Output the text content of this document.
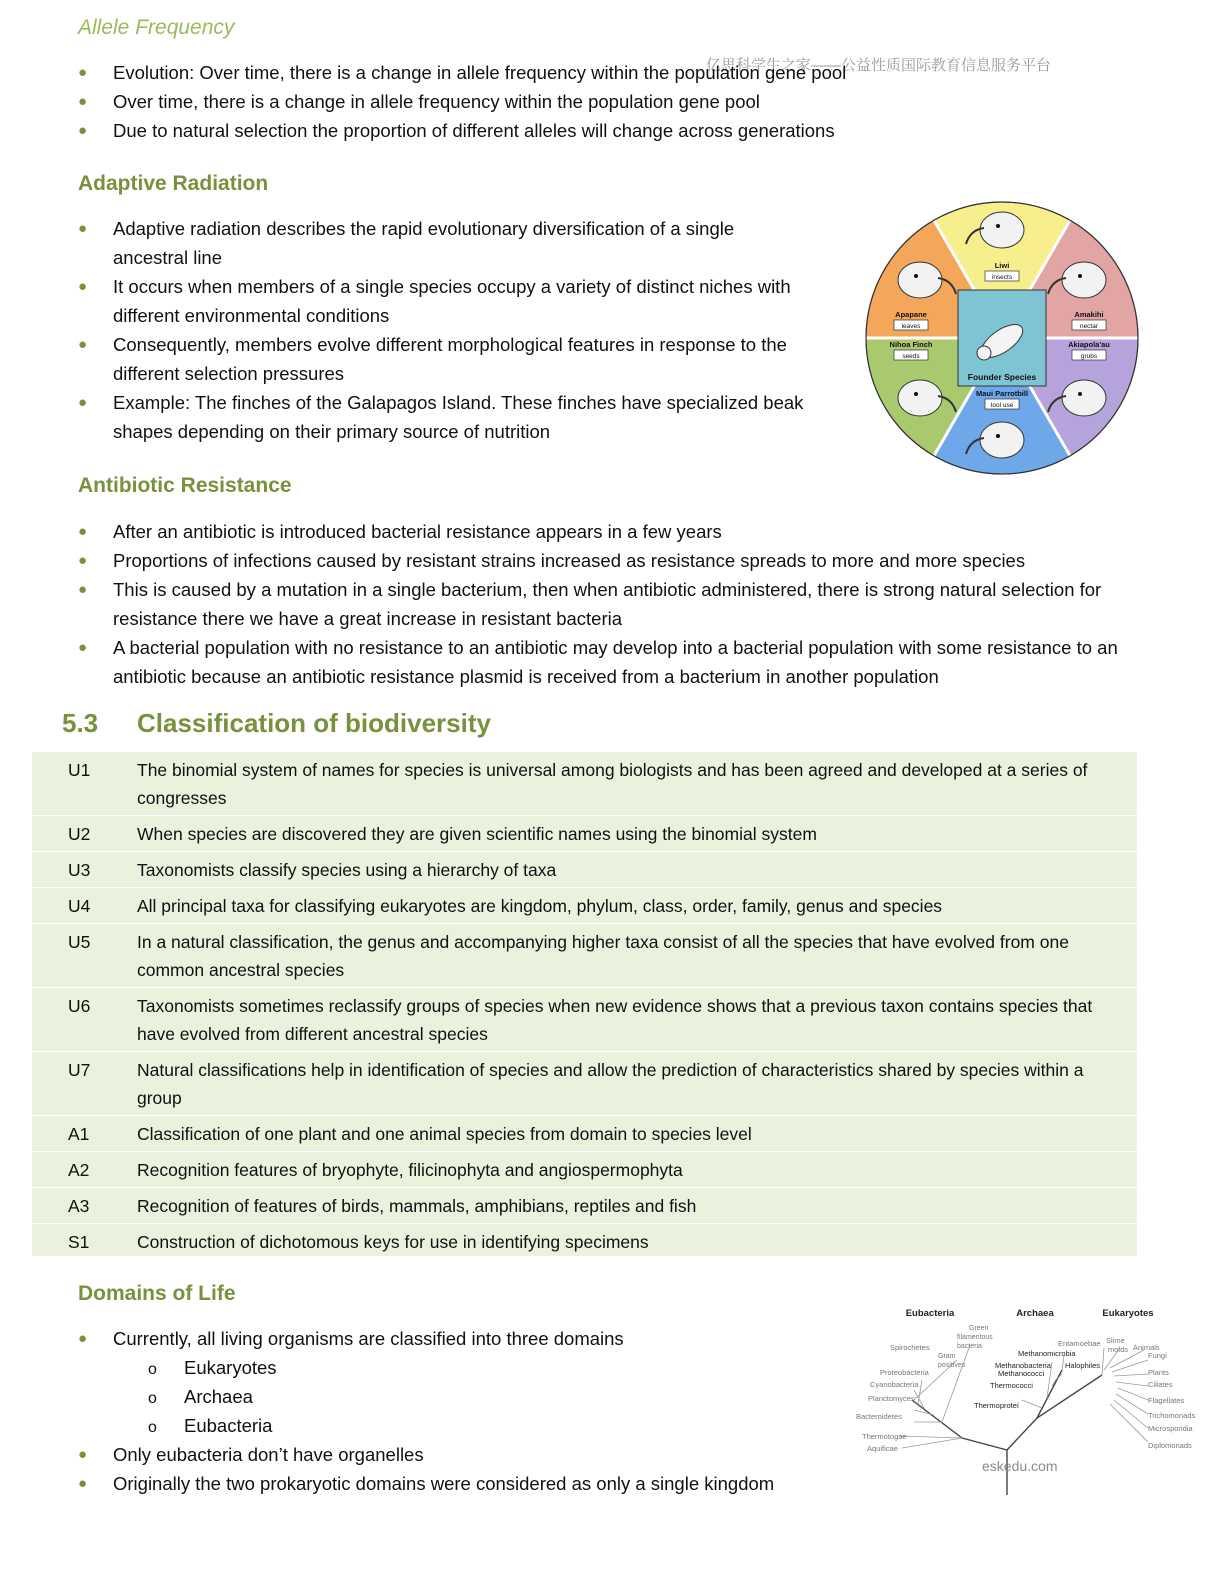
Allele Frequency
亿思科学生之家——公益性质国际教育信息服务平台
●	Evolution: Over time, there is a change in allele frequency within the population gene pool
●	Over time, there is a change in allele frequency within the population gene pool
●	Due to natural selection the proportion of different alleles will change across generations
Adaptive Radiation
●	Adaptive radiation describes the rapid evolutionary diversification of a single
ancestral line
●	It occurs when members of a single species occupy a variety of distinct niches with
different environmental conditions
●	Consequently, members evolve different morphological features in response to the
different selection pressures
●	Example: The finches of the Galapagos Island. These finches have specialized beak
shapes depending on their primary source of nutrition
Founder Species
Liwi
insects
Amakihi
nectar
Akiapola'au
grubs
Maui Parrotbill
tool use
Nihoa Finch
seeds
Apapane
leaves
Antibiotic Resistance
●	After an antibiotic is introduced bacterial resistance appears in a few years
●	Proportions of infections caused by resistant strains increased as resistance spreads to more and more species
●	This is caused by a mutation in a single bacterium, then when antibiotic administered, there is strong natural selection for
resistance there we have a great increase in resistant bacteria
●	A bacterial population with no resistance to an antibiotic may develop into a bacterial population with some resistance to an
antibiotic because an antibiotic resistance plasmid is received from a bacterium in another population
5.3 Classification of biodiversity
U1	The binomial system of names for species is universal among biologists and has been agreed and developed at a series of
congresses
U2	When species are discovered they are given scientific names using the binomial system
U3	Taxonomists classify species using a hierarchy of taxa
U4	All principal taxa for classifying eukaryotes are kingdom, phylum, class, order, family, genus and species
U5	In a natural classification, the genus and accompanying higher taxa consist of all the species that have evolved from one
common ancestral species
U6	Taxonomists sometimes reclassify groups of species when new evidence shows that a previous taxon contains species that
have evolved from different ancestral species
U7	Natural classifications help in identification of species and allow the prediction of characteristics shared by species within a
group
A1	Classification of one plant and one animal species from domain to species level
A2	Recognition features of bryophyte, filicinophyta and angiospermophyta
A3	Recognition of features of birds, mammals, amphibians, reptiles and fish
S1	Construction of dichotomous keys for use in identifying specimens
Domains of Life
●	Currently, all living organisms are classified into three domains
o Eukaryotes
o Archaea
o Eubacteria
●	Only eubacteria don’t have organelles
●	Originally the two prokaryotic domains were considered as only a single kingdom
Eubacteria	Archaea	Eukaryotes
Green
filamentous
bacteria
Spirochetes
Gram
positives
Proteobacteria
Cyanobacteria
Planctomyces
Bacteroidetes
Thermotogae
Aquificae
Methanomicrobia
Methanobacteria
Methanococci
Halophiles
Thermococci
Thermoproteí
Entamoebae Slime
molds Animals
Fungi
Plants
Ciliates
Flagellates
Trichomonads
Microsporidia
Diplomonads
eskedu.com
